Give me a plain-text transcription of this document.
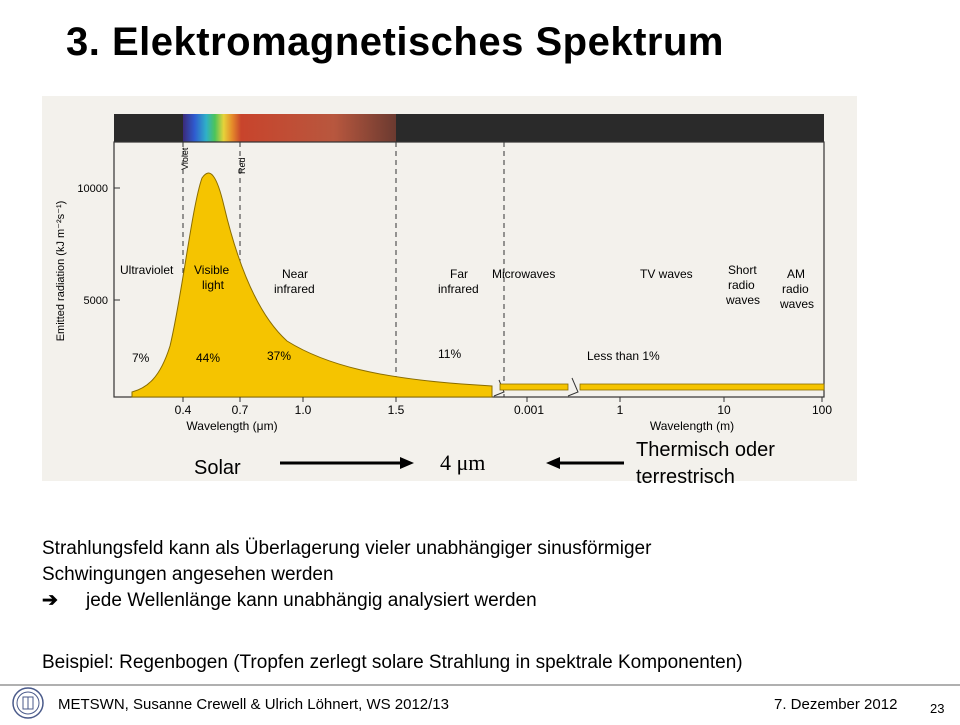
3. Elektromagnetisches Spektrum
Emitted radiation (kJ m⁻²s⁻¹)
10000
5000
Violet	Red
Ultraviolet
7%
Visible
light
44%
Near
infrared
37%
Far
infrared
11%
Microwaves	TV waves	Short
radio
waves
AM
radio
waves
Less than 1%
0.4	0.7	1.0	1.5	0.001	1	10	100
Wavelength (μm)	Wavelength (m)
Solar	4 μm	Thermisch oder
terrestrisch
Strahlungsfeld kann als Überlagerung vieler unabhängiger sinusförmiger
Schwingungen angesehen werden
➔ jede Wellenlänge kann unabhängig analysiert werden
Beispiel: Regenbogen (Tropfen zerlegt solare Strahlung in spektrale Komponenten)
METSWN, Susanne Crewell & Ulrich Löhnert, WS 2012/13	7. Dezember 2012	23
